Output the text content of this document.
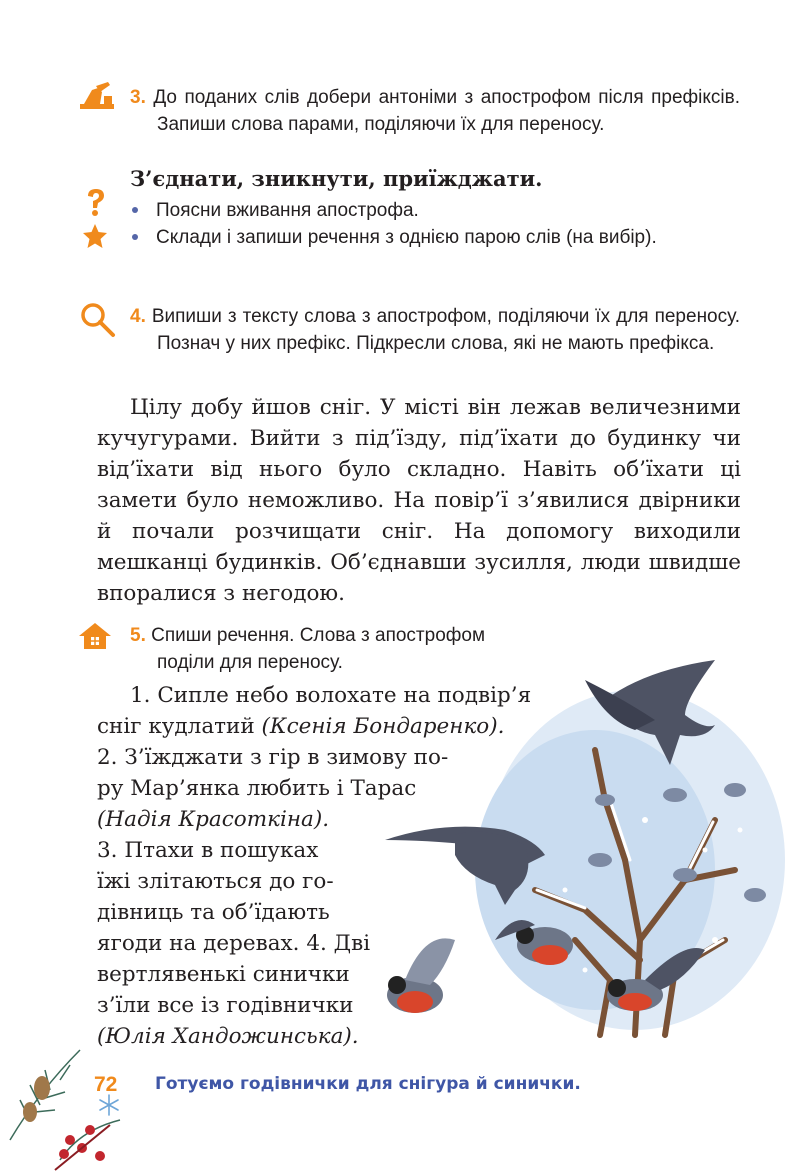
3. До поданих слів добери антоніми з апострофом після префіксів. Запиши слова парами, поділяючи їх для переносу.
З’єднати, зникнути, приїжджати.
Поясни вживання апострофа.
Склади і запиши речення з однією парою слів (на вибір).
4. Випиши з тексту слова з апострофом, поділяючи їх для переносу. Познач у них префікс. Підкресли слова, які не мають префікса.
Цілу добу йшов сніг. У місті він лежав величезними кучугурами. Вийти з під’їзду, під’їхати до будинку чи від’їхати від нього було складно. Навіть об’їхати ці замети було неможливо. На повір’ї з’явилися двірники й почали розчищати сніг. На допомогу виходили мешканці будинків. Об’єднавши зусилля, люди швидше впоралися з негодою.
5. Спиши речення. Слова з апострофом
поділи для переносу.
1. Сипле небо волохате на подвір’я
сніг кудлатий (Ксенія Бондаренко).
2. З’їжджати з гір в зимову по-
ру Мар’янка любить і Тарас
(Надія Красоткіна).
3. Птахи в пошуках
їжі злітаються до го-
дівниць та об’їдають
ягоди на деревах. 4. Дві
вертлявенькі синички
з’їли все із годівнички
(Юлія Хандожинська).
72 Готуємо годівнички для снігура й синички.
